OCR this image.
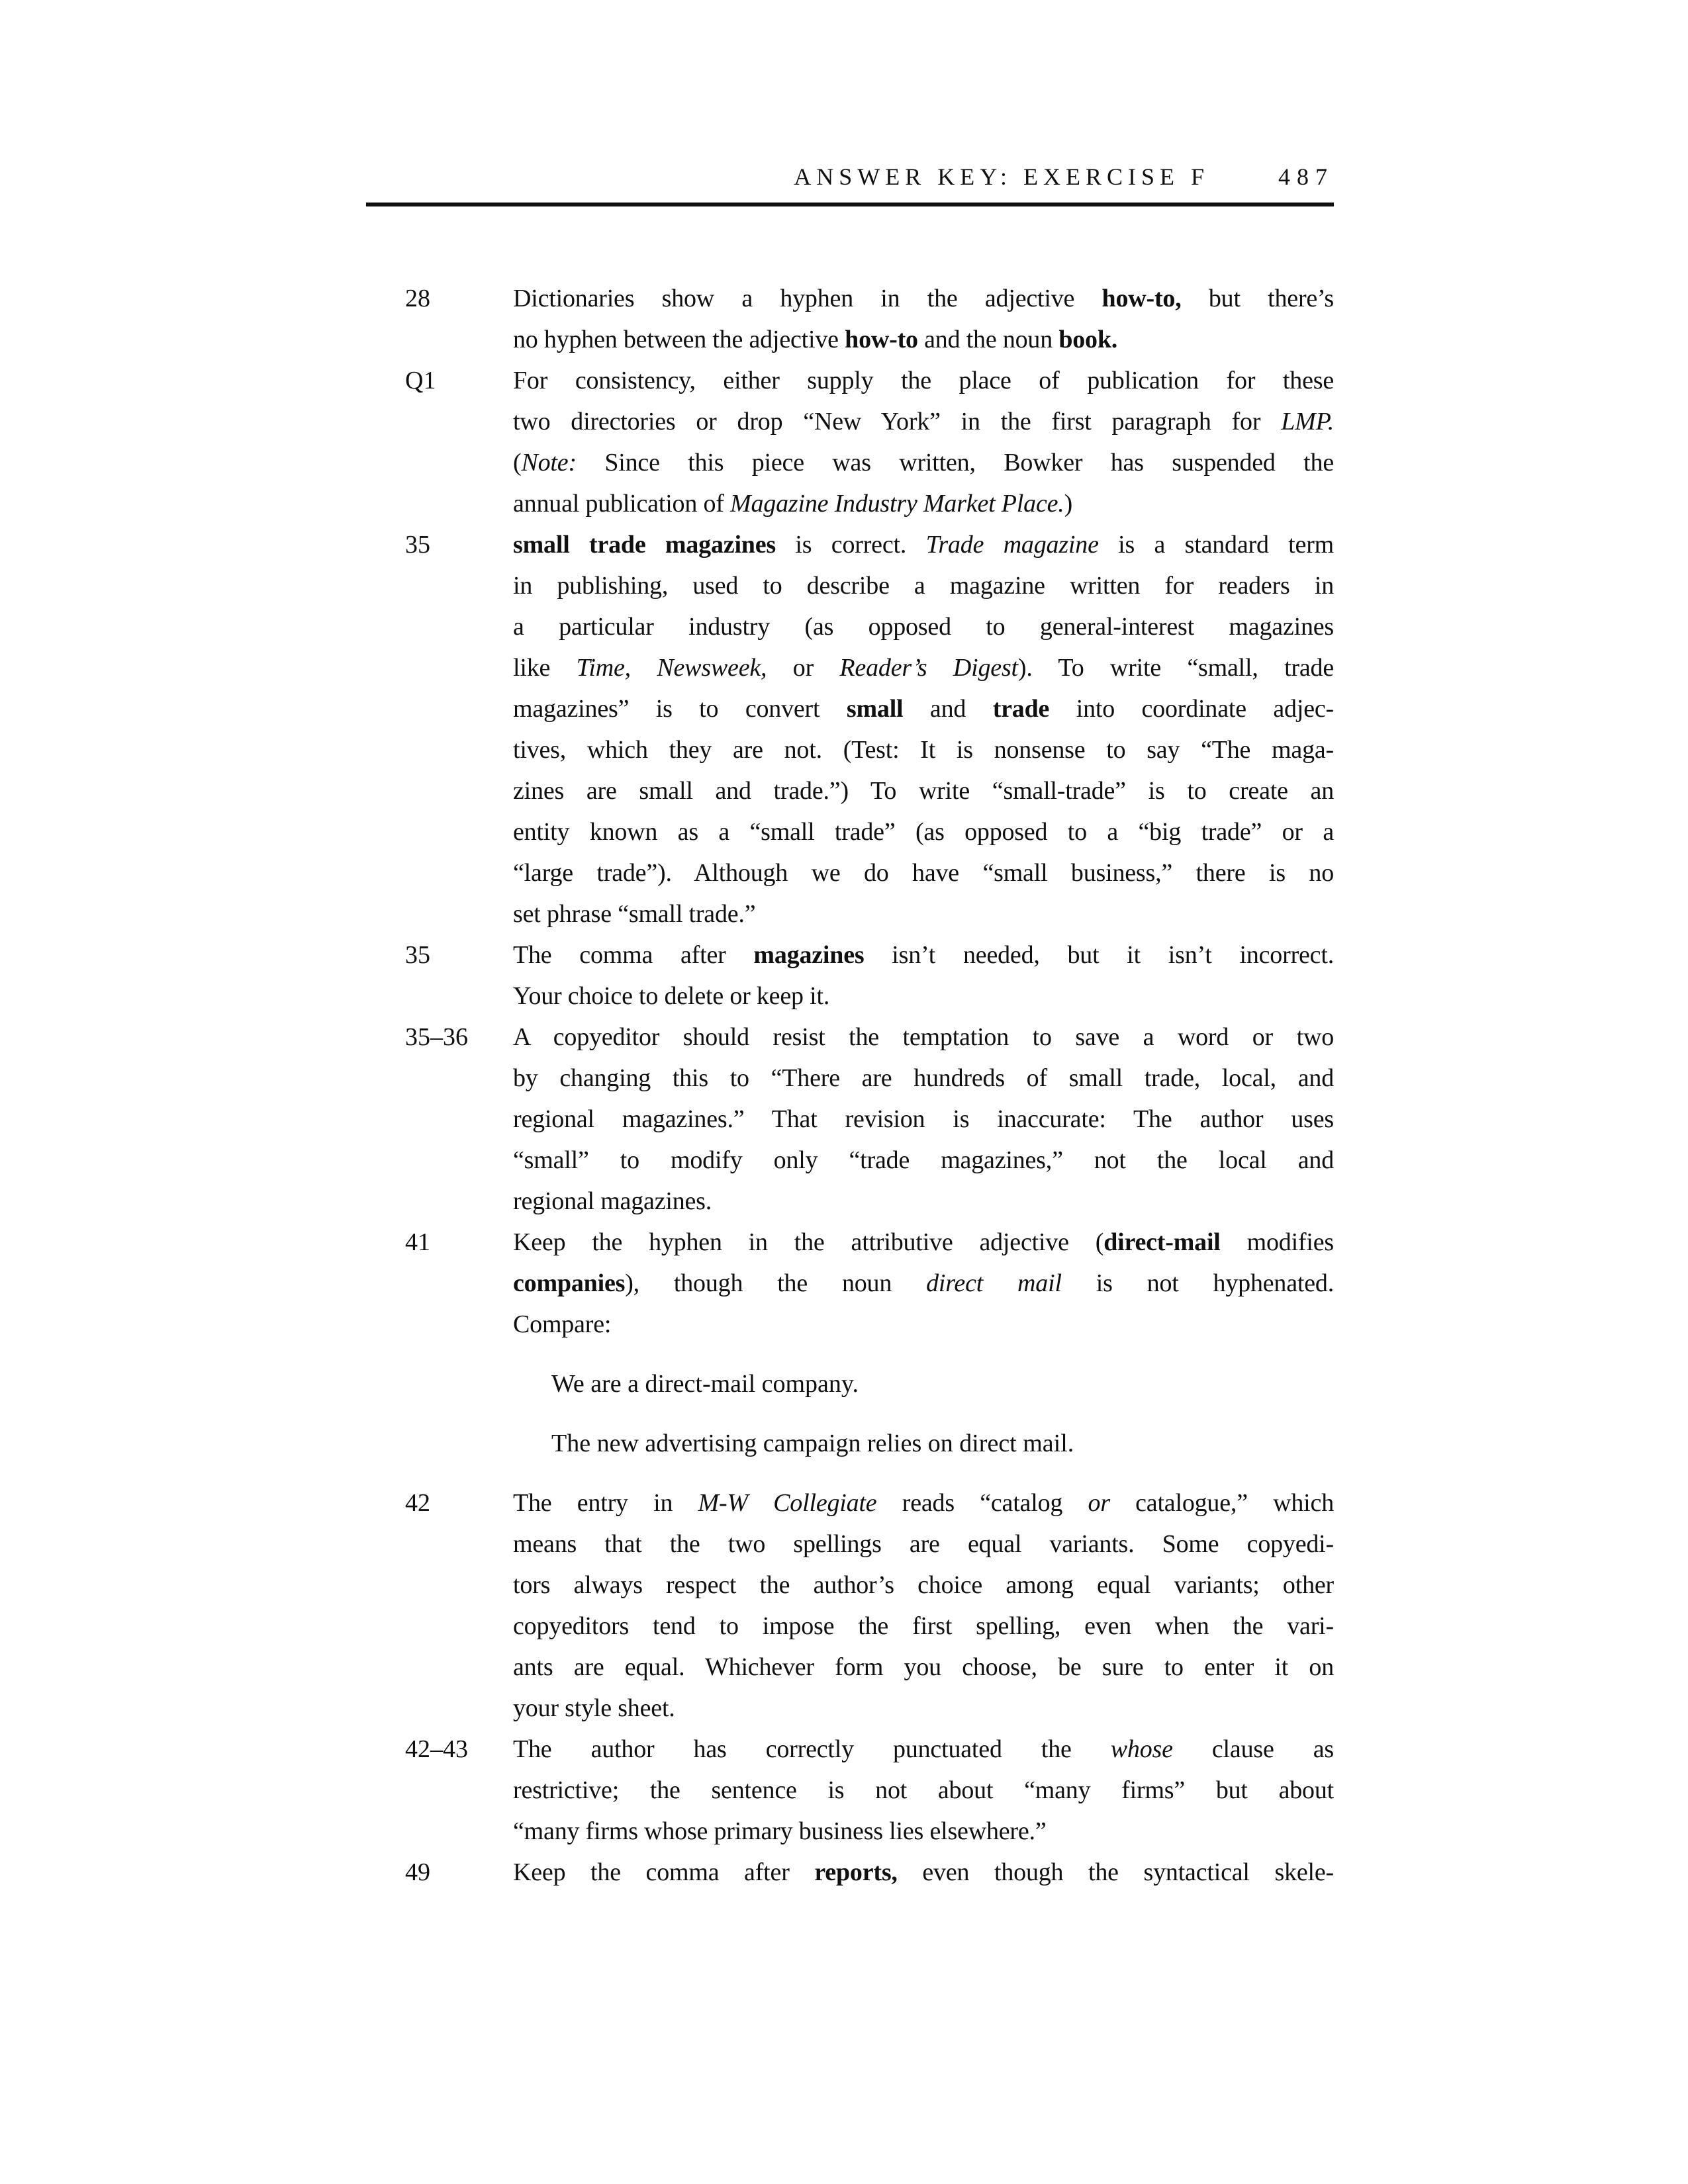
ANSWER KEY: EXERCISE F	487
28	Dictionaries show a hyphen in the adjective how-to, but there’s
no hyphen between the adjective how-to and the noun book.
Q1	For consistency, either supply the place of publication for these
two directories or drop “New York” in the first paragraph for LMP.
(Note: Since this piece was written, Bowker has suspended the
annual publication of Magazine Industry Market Place.)
35	small trade magazines is correct. Trade magazine is a standard term
in publishing, used to describe a magazine written for readers in
a particular industry (as opposed to general-interest magazines
like Time, Newsweek, or Reader’s Digest). To write “small, trade
magazines” is to convert small and trade into coordinate adjec-
tives, which they are not. (Test: It is nonsense to say “The maga-
zines are small and trade.”) To write “small-trade” is to create an
entity known as a “small trade” (as opposed to a “big trade” or a
“large trade”). Although we do have “small business,” there is no
set phrase “small trade.”
35	The comma after magazines isn’t needed, but it isn’t incorrect.
Your choice to delete or keep it.
35–36	A copyeditor should resist the temptation to save a word or two
by changing this to “There are hundreds of small trade, local, and
regional magazines.” That revision is inaccurate: The author uses
“small” to modify only “trade magazines,” not the local and
regional magazines.
41	Keep the hyphen in the attributive adjective (direct-mail modifies
companies), though the noun direct mail is not hyphenated.
Compare:
We are a direct-mail company.
The new advertising campaign relies on direct mail.
42	The entry in M-W Collegiate reads “catalog or catalogue,” which
means that the two spellings are equal variants. Some copyedi-
tors always respect the author’s choice among equal variants; other
copyeditors tend to impose the first spelling, even when the vari-
ants are equal. Whichever form you choose, be sure to enter it on
your style sheet.
42–43	The author has correctly punctuated the whose clause as
restrictive; the sentence is not about “many firms” but about
“many firms whose primary business lies elsewhere.”
49	Keep the comma after reports, even though the syntactical skele-
